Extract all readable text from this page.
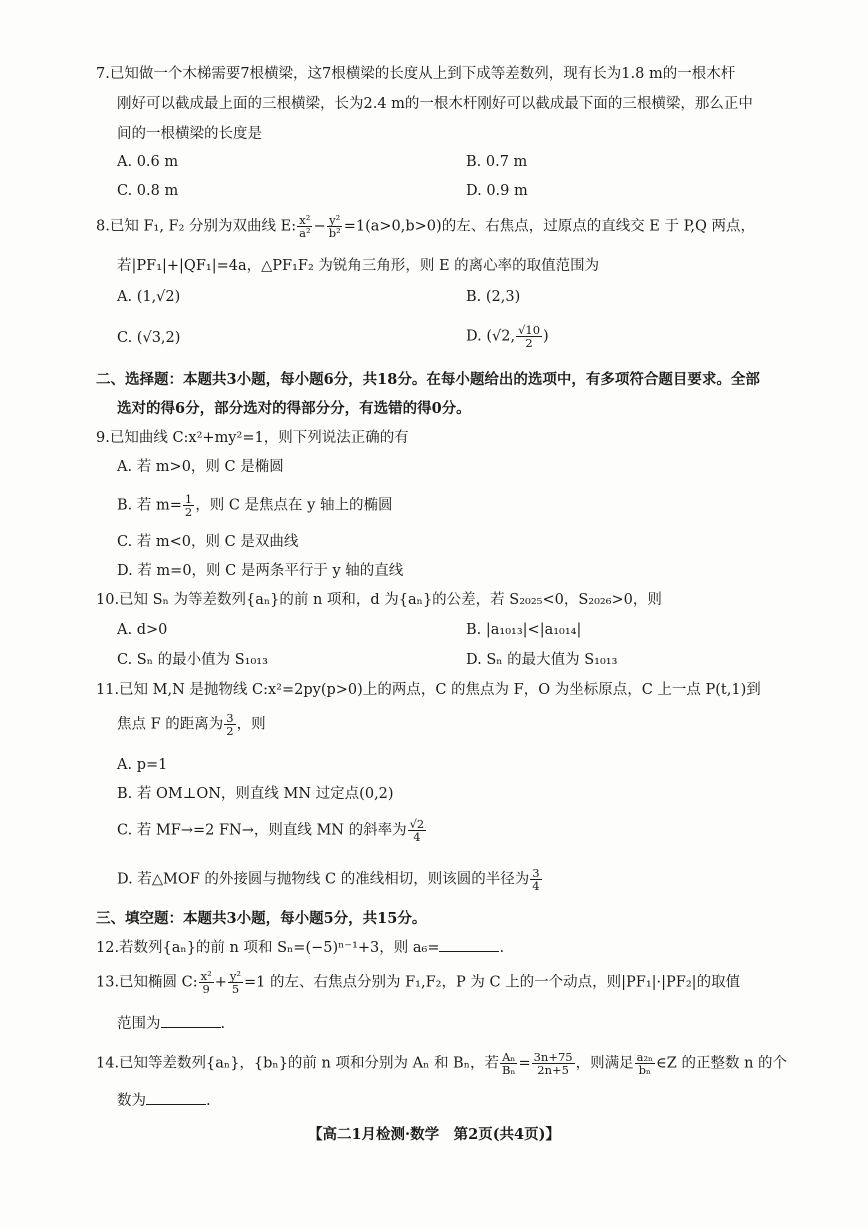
7.已知做一个木梯需要7根横梁，这7根横梁的长度从上到下成等差数列，现有长为1.8 m的一根木杆
刚好可以截成最上面的三根横梁，长为2.4 m的一根木杆刚好可以截成最下面的三根横梁，那么正中
间的一根横梁的长度是
A. 0.6 m	B. 0.7 m
C. 0.8 m	D. 0.9 m
8.已知 F₁, F₂ 分别为双曲线 E: $\frac{\text{x²}}{\text{a²}} - \frac{\text{y²}}{\text{b²}} =1(a>0,b>0)$的左、右焦点，过原点的直线交 E 于 P,Q 两点，
若|PF₁|+|QF₁|=4a，△PF₁F₂ 为锐角三角形，则 E 的离心率的取值范围为
A. (1,√2)	B. (2,3)
C. (√3,2)	D. (√2, $\frac{√10}{2}$ )
二、选择题：本题共3小题，每小题6分，共18分。在每小题给出的选项中，有多项符合题目要求。全部
选对的得6分，部分选对的得部分分，有选错的得0分。
9.已知曲线 C:x²+my²=1，则下列说法正确的有
A. 若 m>0，则 C 是椭圆
B. 若 $m= \frac{1}{2}$ ，则 C 是焦点在 y 轴上的椭圆
C. 若 m<0，则 C 是双曲线
D. 若 m=0，则 C 是两条平行于 y 轴的直线
10.已知 Sₙ 为等差数列{aₙ}的前 n 项和，d 为{aₙ}的公差，若 S₂₀₂₅<0，S₂₀₂₆>0，则
A. d>0	B. |a₁₀₁₃|<|a₁₀₁₄|
C. Sₙ 的最小值为 S₁₀₁₃	D. Sₙ 的最大值为 S₁₀₁₃
11.已知 M,N 是抛物线 C:x²=2py(p>0)上的两点，C 的焦点为 F，O 为坐标原点，C 上一点 P(t,1)到
焦点 F 的距离为 $\frac{3}{2}$ ，则
A. p=1
B. 若 OM⊥ON，则直线 MN 过定点(0,2)
C. 若 MF→=2 FN→，则直线 MN 的斜率为 $\frac{√2}{4}$
D. 若△MOF 的外接圆与抛物线 C 的准线相切，则该圆的半径为 $\frac{3}{4}$
三、填空题：本题共3小题，每小题5分，共15分。
12.若数列{aₙ}的前 n 项和 Sₙ=(−5)ⁿ⁻¹+3，则 a₆=	.
13.已知椭圆 C: $\frac{\text{x²}}{9} + \frac{\text{y²}}{5} =1$ 的左、右焦点分别为 F₁,F₂，P 为 C 上的一个动点，则|PF₁|·|PF₂|的取值
范围为	.
14.已知等差数列{aₙ}，{bₙ}的前 n 项和分别为 Aₙ 和 Bₙ，若 $\frac{\text{Aₙ}}{\text{Bₙ}} = \frac{3n+75}{2n+5}$ ，则满足 $\frac{\text{a₂ₙ}}{\text{bₙ}}$ ∈Z 的正整数 n 的个
数为	.
【高二1月检测·数学　第2页(共4页)】
